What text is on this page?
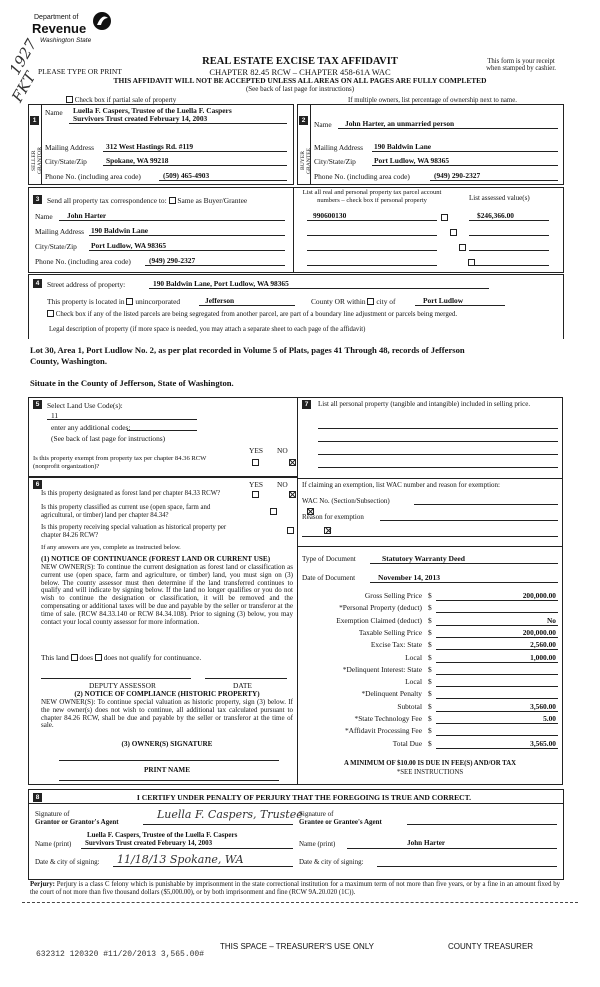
Department of
Revenue
Washington State
1927
FKT
REAL ESTATE EXCISE TAX AFFIDAVIT
CHAPTER 82.45 RCW – CHAPTER 458-61A WAC
PLEASE TYPE OR PRINT
This form is your receipt
when stamped by cashier.
THIS AFFIDAVIT WILL NOT BE ACCEPTED UNLESS ALL AREAS ON ALL PAGES ARE FULLY COMPLETED
(See back of last page for instructions)
Check box if partial sale of property	If multiple owners, list percentage of ownership next to name.
SELLER GRANTOR
1
Name Luella F. Caspers, Trustee of the Luella F. Caspers
Survivors Trust created February 14, 2003
Mailing Address 312 West Hastings Rd. #119
City/State/Zip	Spokane, WA 99218
Phone No. (including area code)	(509) 465-4903
BUYER GRANTEE
2	Name John Harter, an unmarried person
Mailing Address 190 Baldwin Lane
City/State/Zip Port Ludlow, WA 98365
Phone No. (including area code)	(949) 290-2327
3	Send all property tax correspondence to: Same as Buyer/Grantee
Name John Harter
Mailing Address 190 Baldwin Lane
City/State/Zip Port Ludlow, WA 98365
Phone No. (including area code) (949) 290-2327
List all real and personal property tax parcel account
numbers – check box if personal property	List assessed value(s)
990600130	$246,366.00

4	Street address of property:	190 Baldwin Lane, Port Ludlow, WA 98365
This property is located in unincorporated	Jefferson	County OR within city of	Port Ludlow
Check box if any of the listed parcels are being segregated from another parcel, are part of a boundary line adjustment or parcels being merged.
Legal description of property (if more space is needed, you may attach a separate sheet to each page of the affidavit)
Lot 30, Area 1, Port Ludlow No. 2, as per plat recorded in Volume 5 of Plats, pages 41 Through 48, records of Jefferson
County, Washington.
Situate in the County of Jefferson, State of Washington.
5	Select Land Use Code(s):
11
enter any additional codes:
(See back of last page for instructions)
YES NO
Is this property exempt from property tax per chapter 84.36 RCW (nonprofit organization)?

6	YES NO
Is this property designated as forest land per chapter 84.33 RCW?

Is this property classified as current use (open space, farm and agricultural, or timber) land per chapter 84.34?

Is this property receiving special valuation as historical property per chapter 84.26 RCW?

If any answers are yes, complete as instructed below.
(1) NOTICE OF CONTINUANCE (FOREST LAND OR CURRENT USE)
NEW OWNER(S): To continue the current designation as forest land or classification as current use (open space, farm and agriculture, or timber) land, you must sign on (3) below. The county assessor must then determine if the land transferred continues to qualify and will indicate by signing below. If the land no longer qualifies or you do not wish to continue the designation or classification, it will be removed and the compensating or additional taxes will be due and payable by the seller or transferor at the time of sale. (RCW 84.33.140 or RCW 84.34.108). Prior to signing (3) below, you may contact your local county assessor for more information.
This land does does not qualify for continuance.
DEPUTY ASSESSOR	DATE
(2) NOTICE OF COMPLIANCE (HISTORIC PROPERTY)
NEW OWNER(S): To continue special valuation as historic property, sign (3) below. If the new owner(s) does not wish to continue, all additional tax calculated pursuant to chapter 84.26 RCW, shall be due and payable by the seller or transferor at the time of sale.
(3) OWNER(S) SIGNATURE
PRINT NAME
7	List all personal property (tangible and intangible) included in selling price.
If claiming an exemption, list WAC number and reason for exemption:
WAC No. (Section/Subsection)
Reason for exemption
Type of Document	Statutory Warranty Deed
Date of Document	November 14, 2013
Gross Selling Price $	200,000.00
*Personal Property (deduct) $
Exemption Claimed (deduct) $	No
Taxable Selling Price $	200,000.00
Excise Tax: State $	2,560.00
Local $	1,000.00
*Delinquent Interest: State $
Local $
*Delinquent Penalty $
Subtotal $	3,560.00
*State Technology Fee $	5.00
*Affidavit Processing Fee $
Total Due $	3,565.00
A MINIMUM OF $10.00 IS DUE IN FEE(S) AND/OR TAX
*SEE INSTRUCTIONS
8	I CERTIFY UNDER PENALTY OF PERJURY THAT THE FOREGOING IS TRUE AND CORRECT.
Signature of
Grantor or Grantor's Agent
Luella F. Caspers, Trustee
Luella F. Caspers, Trustee of the Luella F. Caspers
Name (print) Survivors Trust created February 14, 2003
Date & city of signing: 11/18/13 Spokane, WA
Signature of
Grantee or Grantee's Agent
Name (print)	John Harter
Date & city of signing:
Perjury: Perjury is a class C felony which is punishable by imprisonment in the state correctional institution for a maximum term of not more than five years, or by a fine in an amount fixed by the court of not more than five thousand dollars ($5,000.00), or by both imprisonment and fine (RCW 9A.20.020 (1C)).
632312 120320 #11/20/2013 3,565.00#
THIS SPACE – TREASURER'S USE ONLY	COUNTY TREASURER
